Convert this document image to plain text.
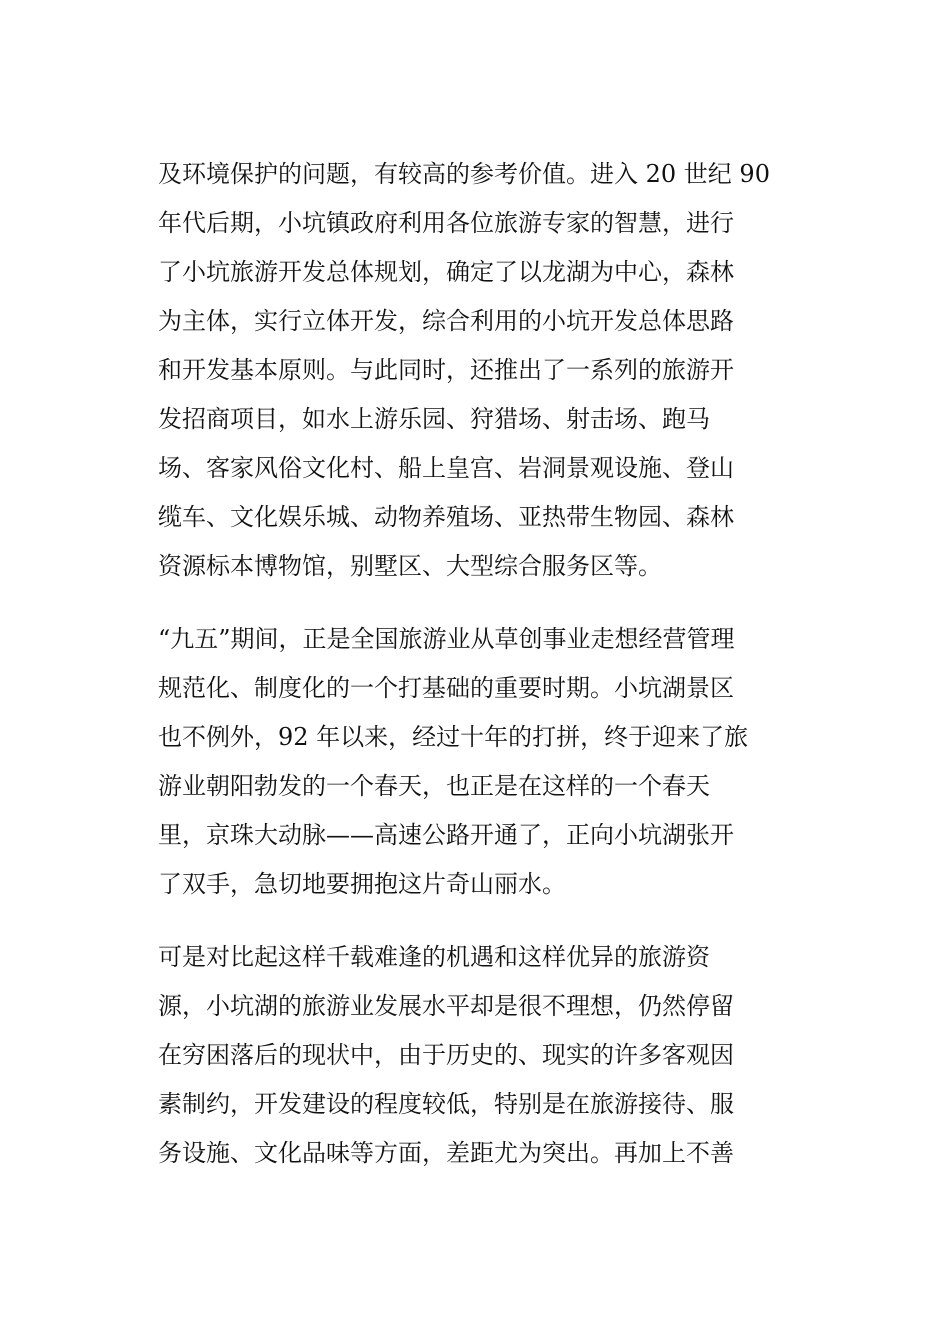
及环境保护的问题，有较高的参考价值。进入 20 世纪 90
年代后期，小坑镇政府利用各位旅游专家的智慧，进行
了小坑旅游开发总体规划，确定了以龙湖为中心，森林
为主体，实行立体开发，综合利用的小坑开发总体思路
和开发基本原则。与此同时，还推出了一系列的旅游开
发招商项目，如水上游乐园、狩猎场、射击场、跑马
场、客家风俗文化村、船上皇宫、岩洞景观设施、登山
缆车、文化娱乐城、动物养殖场、亚热带生物园、森林
资源标本博物馆，别墅区、大型综合服务区等。
“九五”期间，正是全国旅游业从草创事业走想经营管理
规范化、制度化的一个打基础的重要时期。小坑湖景区
也不例外，92 年以来，经过十年的打拼，终于迎来了旅
游业朝阳勃发的一个春天，也正是在这样的一个春天
里，京珠大动脉——高速公路开通了，正向小坑湖张开
了双手，急切地要拥抱这片奇山丽水。
可是对比起这样千载难逢的机遇和这样优异的旅游资
源，小坑湖的旅游业发展水平却是很不理想，仍然停留
在穷困落后的现状中，由于历史的、现实的许多客观因
素制约，开发建设的程度较低，特别是在旅游接待、服
务设施、文化品味等方面，差距尤为突出。再加上不善
